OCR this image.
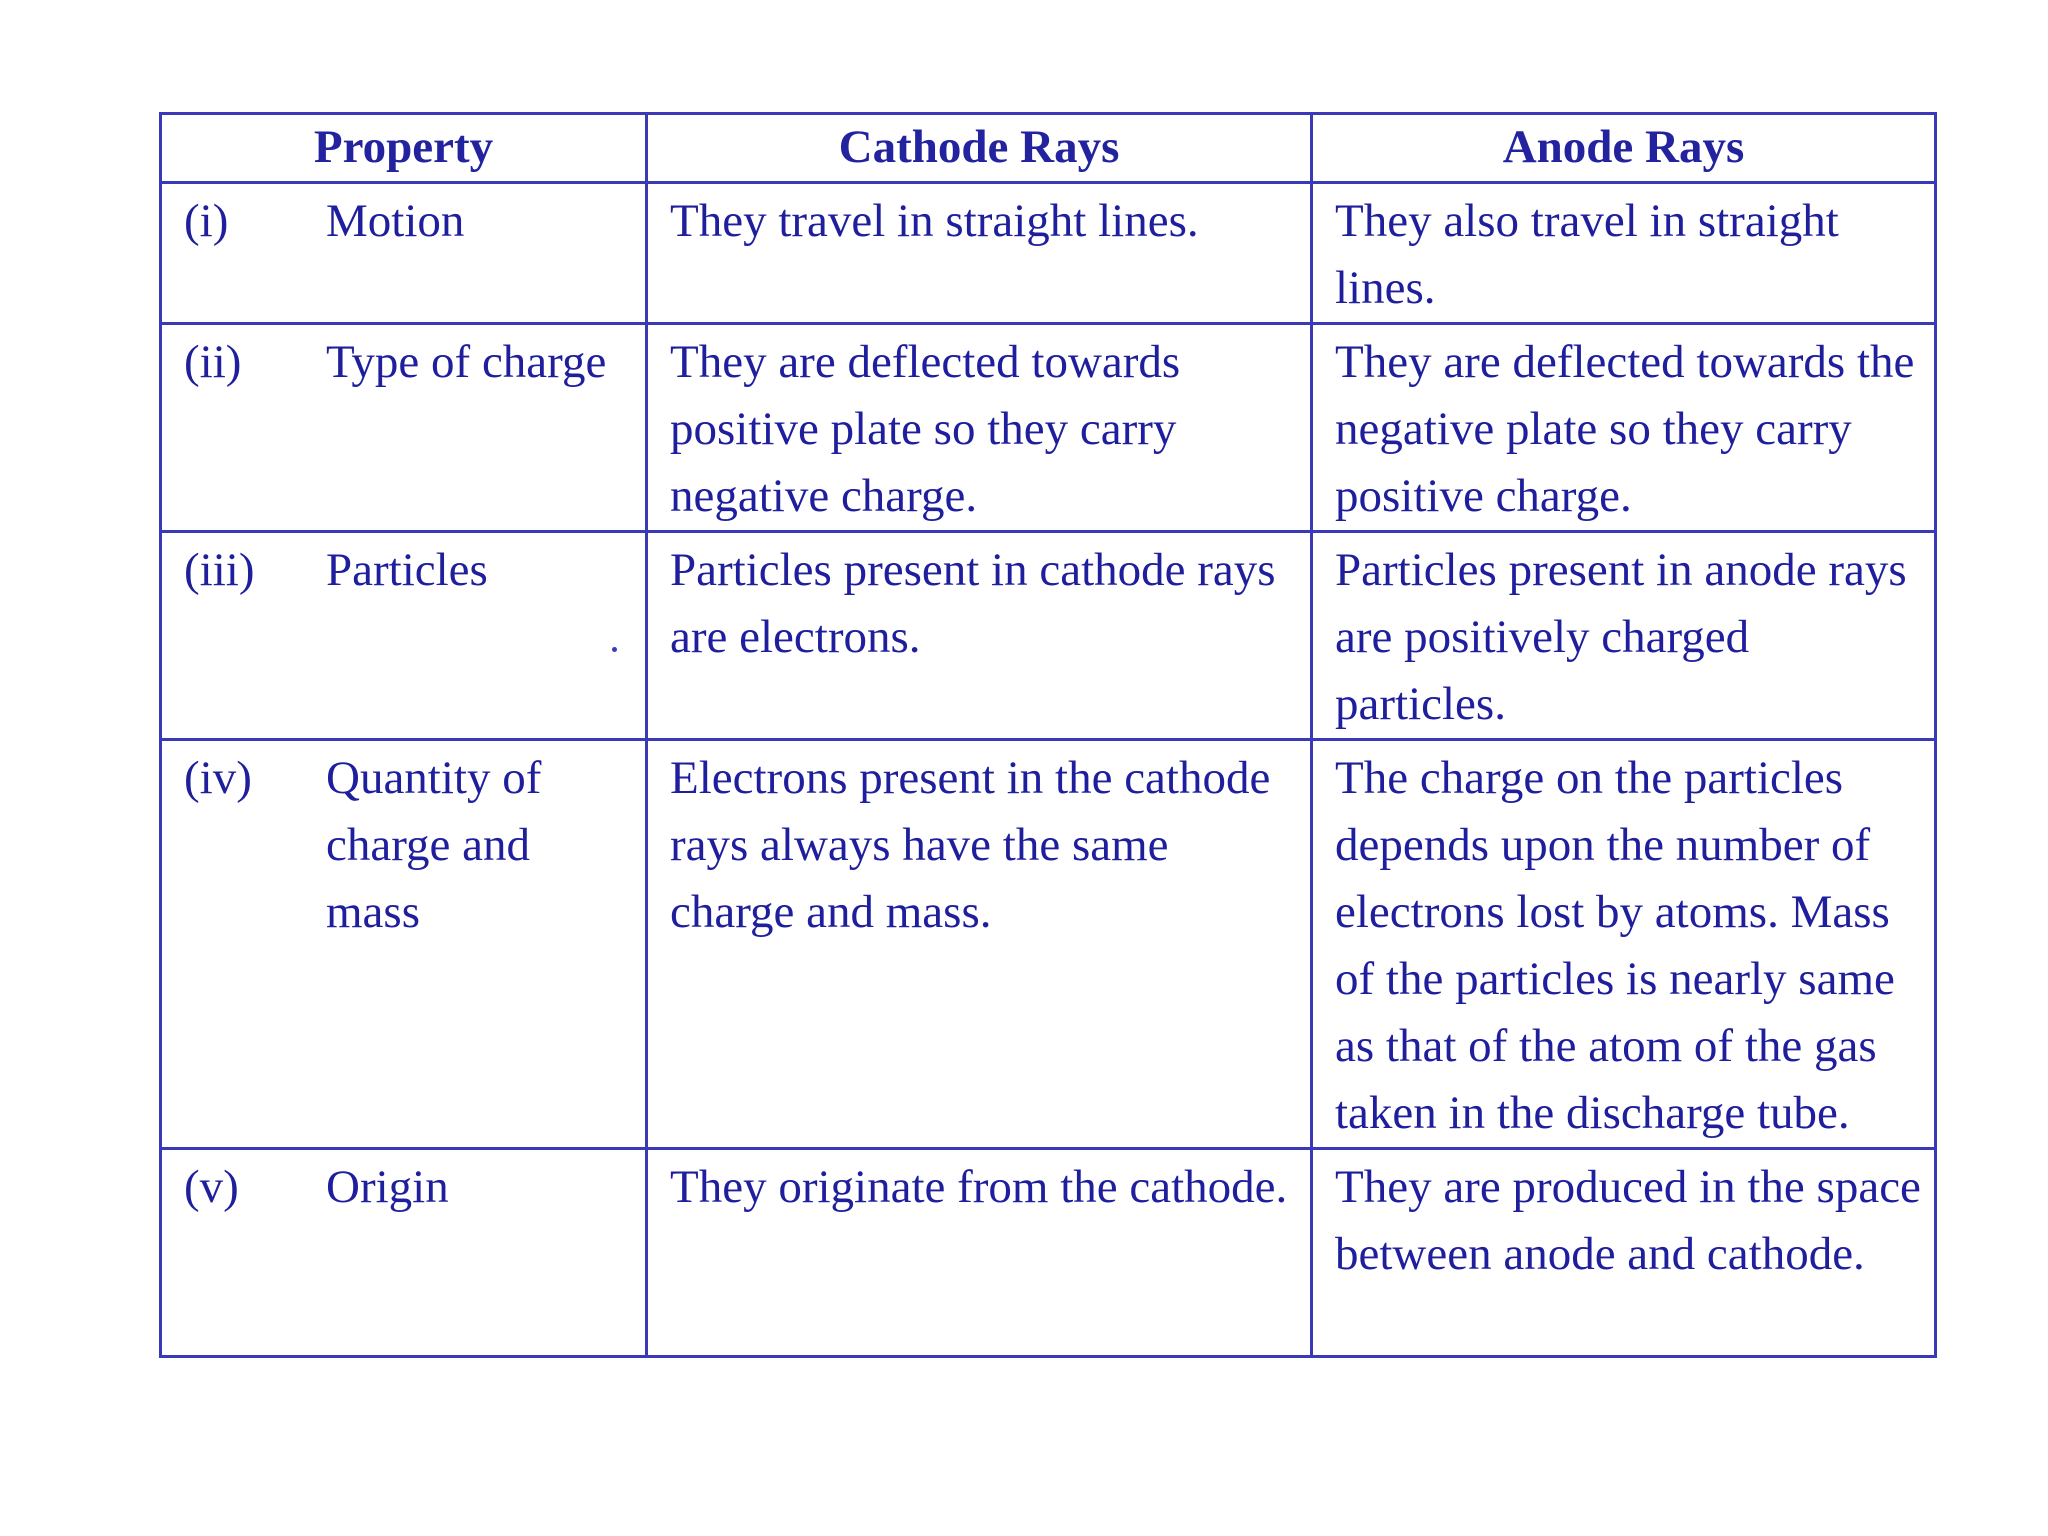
Property	Cathode Rays	Anode Rays

(i) Motion	They travel in straight lines.	They also travel in straight lines.

(ii) Type of charge	They are deflected towards positive plate so they carry negative charge.	They are deflected towards the negative plate so they carry positive charge.

(iii) Particles	Particles present in cathode rays are electrons.	Particles present in anode rays are positively charged particles.

(iv) Quantity of charge and mass	Electrons present in the cathode rays always have the same charge and mass.	The charge on the particles depends upon the number of electrons lost by atoms. Mass of the particles is nearly same as that of the atom of the gas taken in the discharge tube.

(v) Origin	They originate from the cathode.	They are produced in the space between anode and cathode.
